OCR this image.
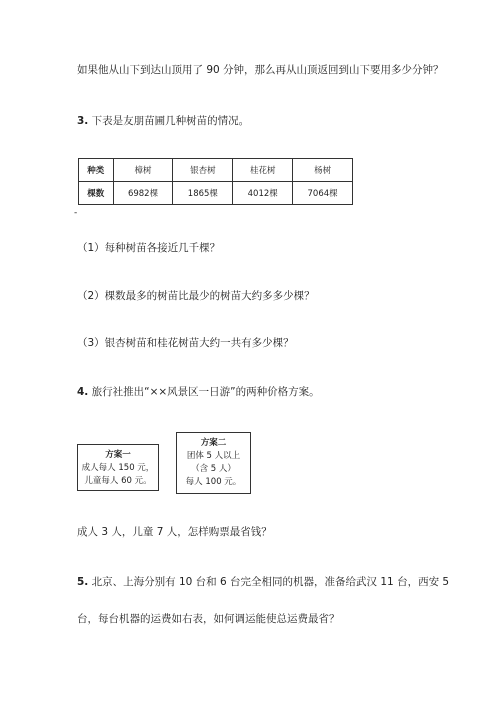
如果他从山下到达山顶用了 90 分钟，那么再从山顶返回到山下要用多少分钟？
3. 下表是友朋苗圃几种树苗的情况。
种类	樟树	银杏树	桂花树	杨树
棵数	6982棵	1865棵	4012棵	7064棵
-
（1）每种树苗各接近几千棵？
（2）棵数最多的树苗比最少的树苗大约多多少棵？
（3）银杏树苗和桂花树苗大约一共有多少棵？
4. 旅行社推出“××风景区一日游”的两种价格方案。
方案一
成人每人 150 元，
儿童每人 60 元。
方案二
团体 5 人以上
（含 5 人）
每人 100 元。
成人 3 人，儿童 7 人，怎样购票最省钱？
5. 北京、上海分别有 10 台和 6 台完全相同的机器，准备给武汉 11 台，西安 5
台，每台机器的运费如右表，如何调运能使总运费最省？
